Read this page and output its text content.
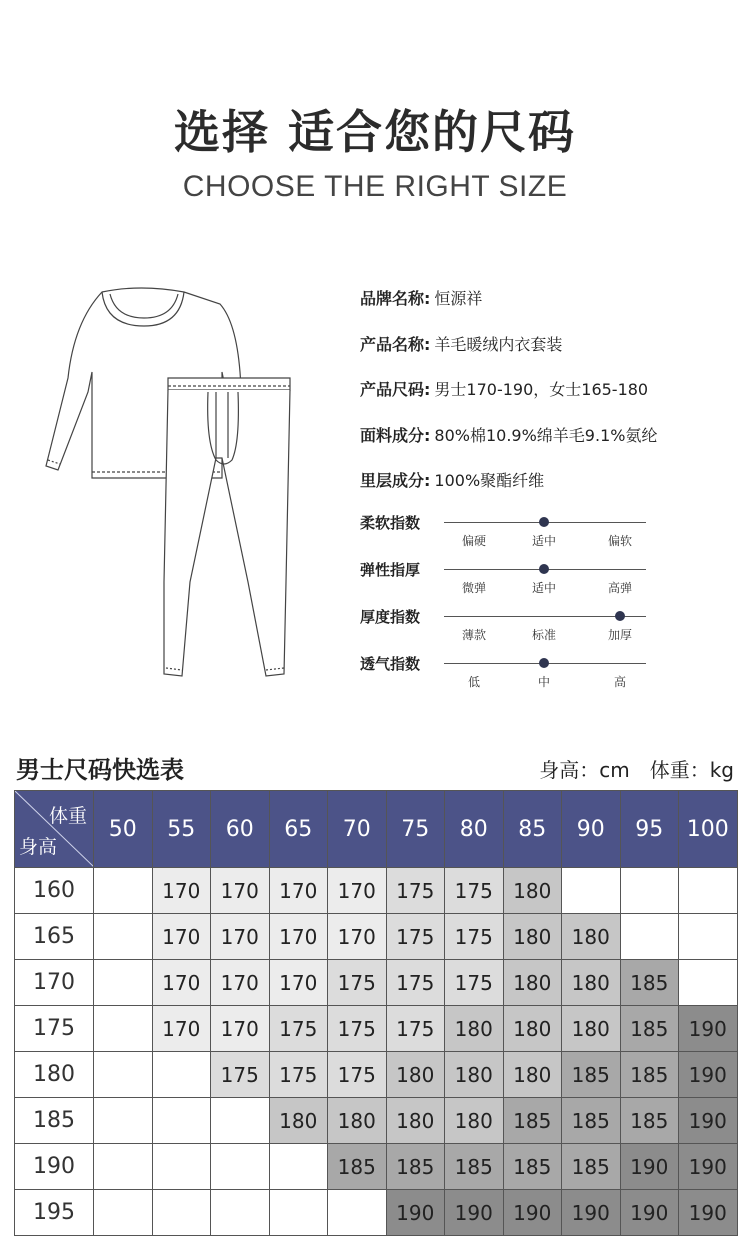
选择 适合您的尺码
CHOOSE THE RIGHT SIZE
品牌名称: 恒源祥
产品名称: 羊毛暖绒内衣套装
产品尺码: 男士170-190，女士165-180
面料成分: 80%棉10.9%绵羊毛9.1%氨纶
里层成分: 100%聚酯纤维
柔软指数
偏硬	适中	偏软
弹性指厚
微弹	适中	高弹
厚度指数
薄款	标准	加厚
透气指数
低	中	高
男士尺码快选表	身高：cm　体重：kg
体重
身高	50	55	60	65	70	75	80	85	90	95	100
160		170	170	170	170	175	175	180			
165		170	170	170	170	175	175	180	180		
170		170	170	170	175	175	175	180	180	185	
175		170	170	175	175	175	180	180	180	185	190
180			175	175	175	180	180	180	185	185	190
185				180	180	180	180	185	185	185	190
190					185	185	185	185	185	190	190
195						190	190	190	190	190	190
